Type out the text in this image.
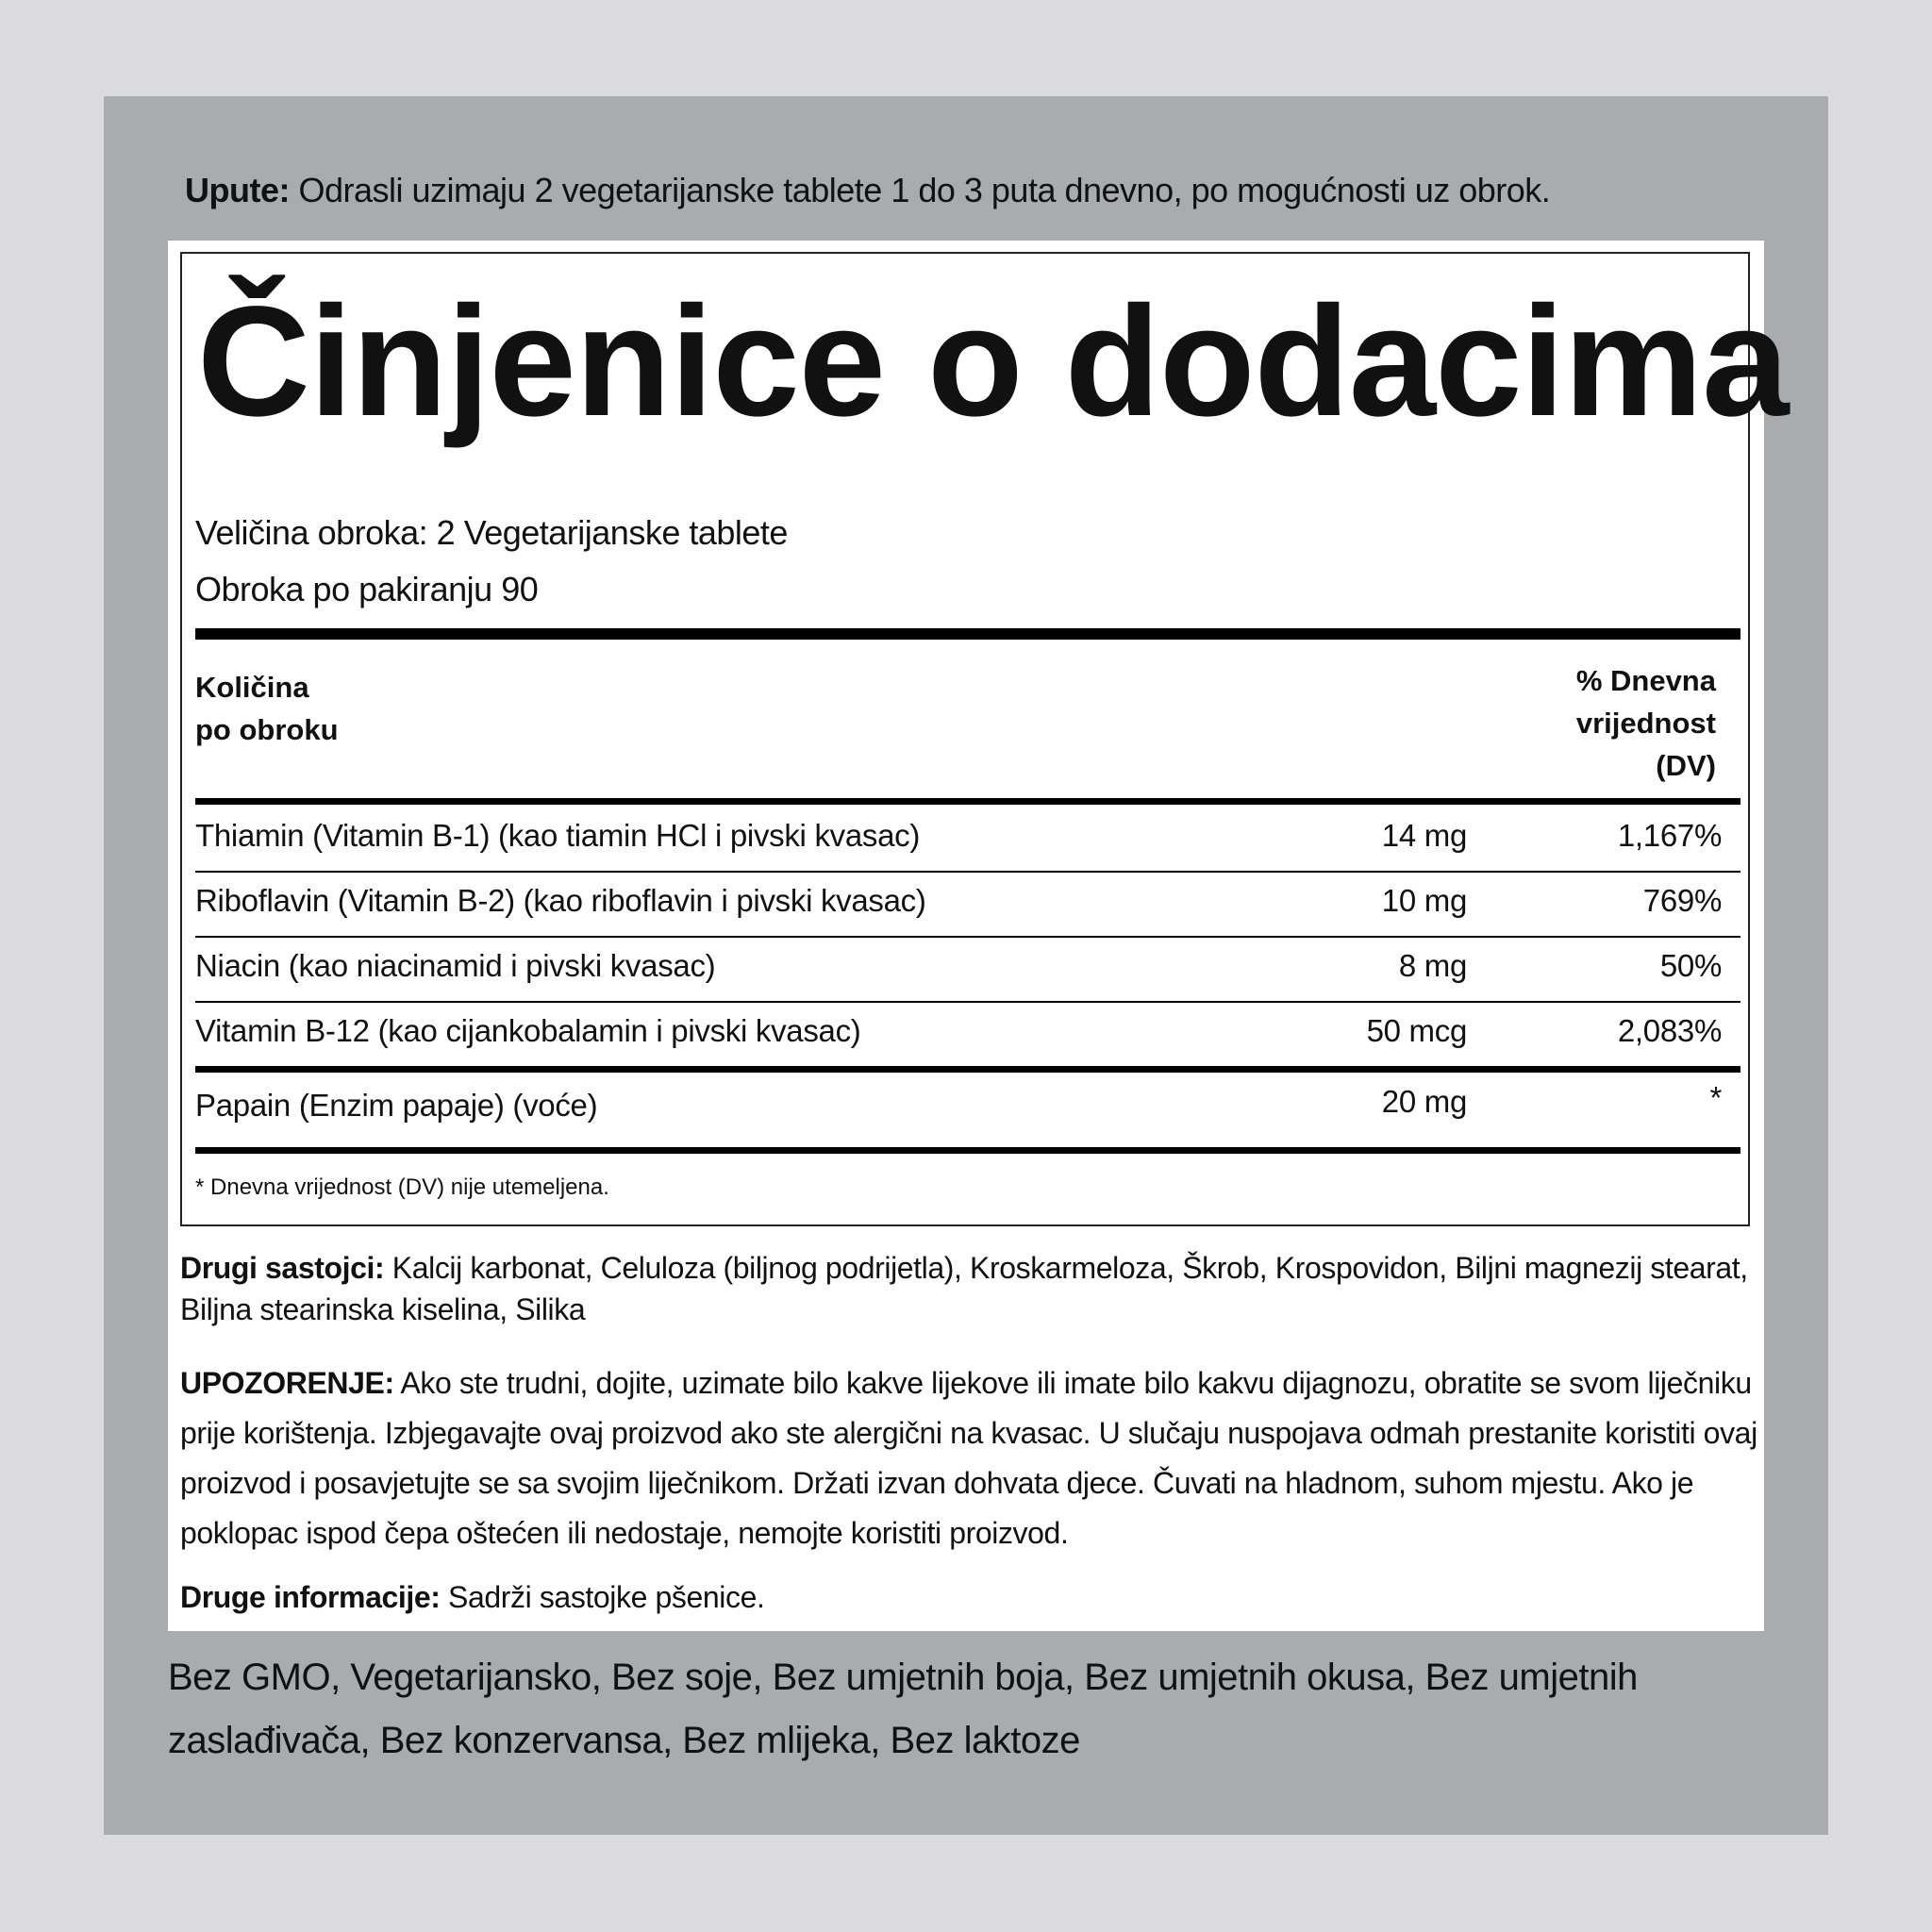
Upute: Odrasli uzimaju 2 vegetarijanske tablete 1 do 3 puta dnevno, po mogućnosti uz obrok.
Činjenice o dodacima
Veličina obroka: 2 Vegetarijanske tablete
Obroka po pakiranju 90
Količina
po obroku
% Dnevna
vrijednost
(DV)
Thiamin (Vitamin B-1) (kao tiamin HCl i pivski kvasac)	14 mg	1,167%
Riboflavin (Vitamin B-2) (kao riboflavin i pivski kvasac)	10 mg	769%
Niacin (kao niacinamid i pivski kvasac)	8 mg	50%
Vitamin B-12 (kao cijankobalamin i pivski kvasac)	50 mcg	2,083%
Papain (Enzim papaje) (voće)	20 mg	*
* Dnevna vrijednost (DV) nije utemeljena.
Drugi sastojci: Kalcij karbonat, Celuloza (biljnog podrijetla), Kroskarmeloza, Škrob, Krospovidon, Biljni magnezij stearat, Biljna stearinska kiselina, Silika
UPOZORENJE: Ako ste trudni, dojite, uzimate bilo kakve lijekove ili imate bilo kakvu dijagnozu, obratite se svom liječniku prije korištenja. Izbjegavajte ovaj proizvod ako ste alergični na kvasac. U slučaju nuspojava odmah prestanite koristiti ovaj proizvod i posavjetujte se sa svojim liječnikom. Držati izvan dohvata djece. Čuvati na hladnom, suhom mjestu. Ako je poklopac ispod čepa oštećen ili nedostaje, nemojte koristiti proizvod.
Druge informacije: Sadrži sastojke pšenice.
Bez GMO, Vegetarijansko, Bez soje, Bez umjetnih boja, Bez umjetnih okusa, Bez umjetnih zaslađivača, Bez konzervansa, Bez mlijeka, Bez laktoze
